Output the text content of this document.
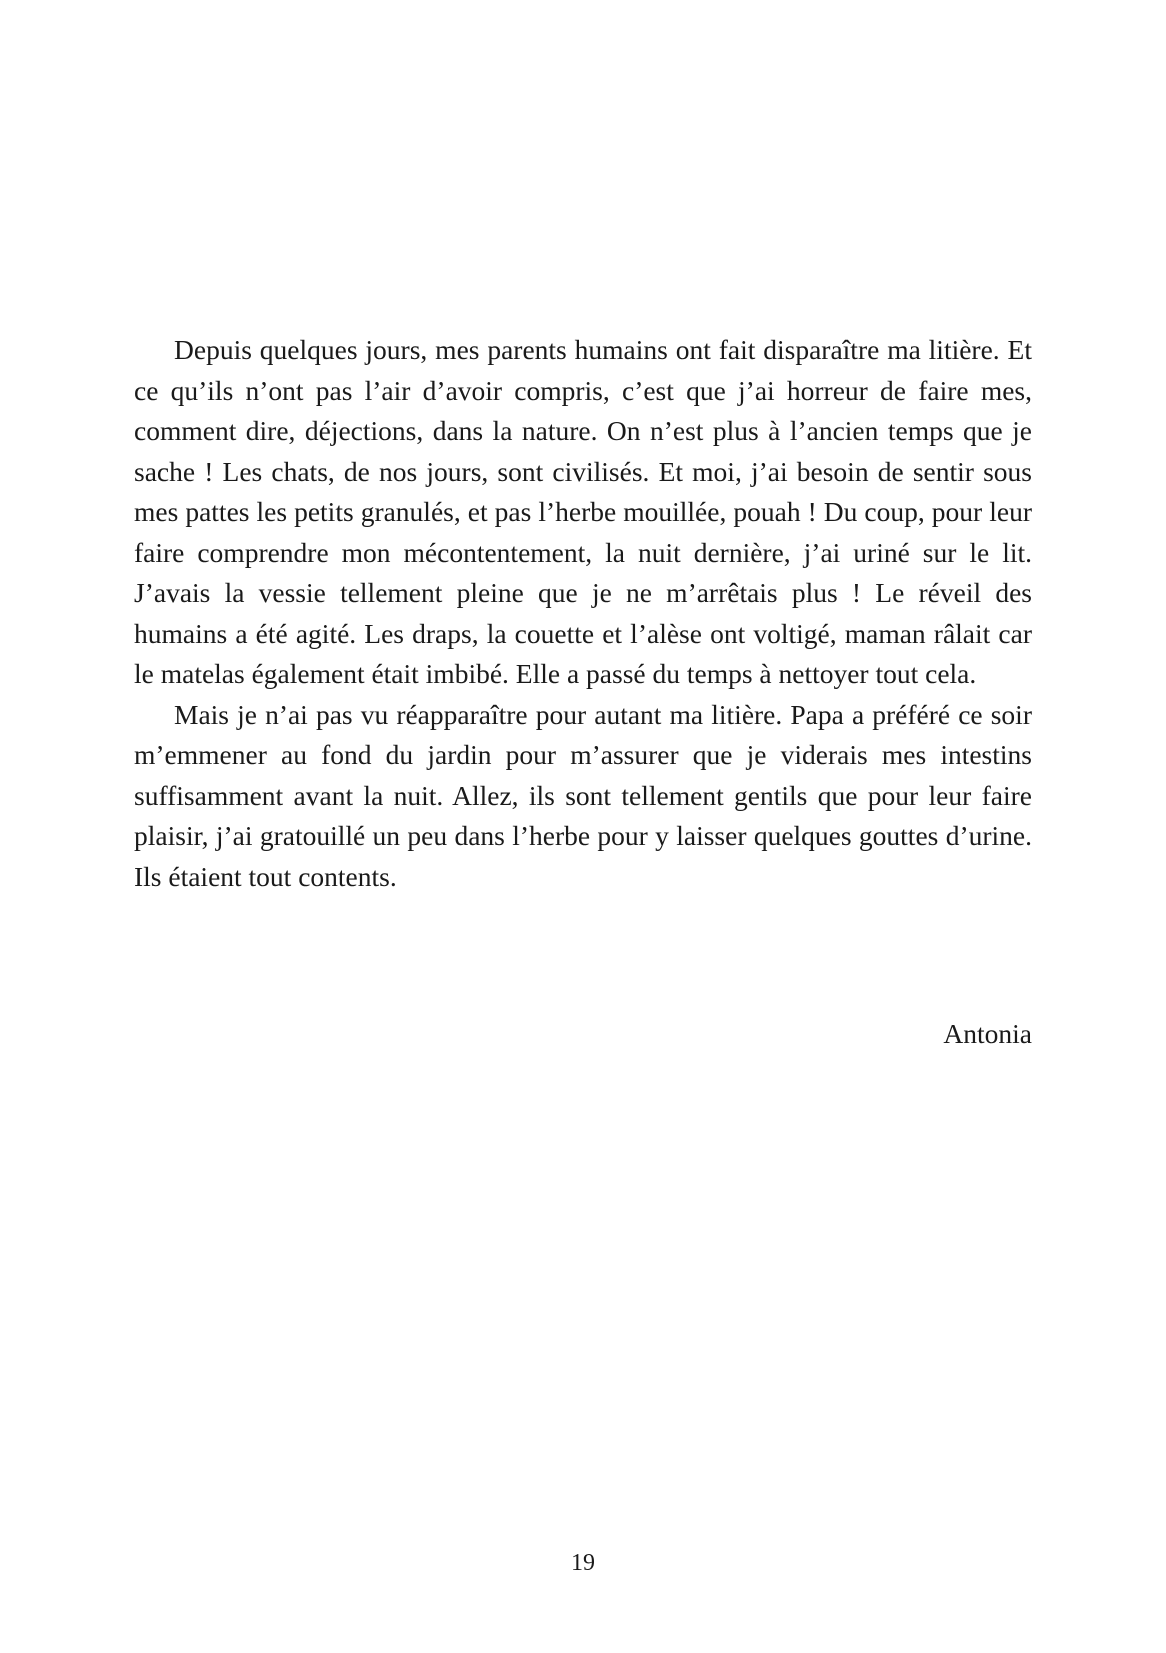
Depuis quelques jours, mes parents humains ont fait disparaître ma litière. Et ce qu’ils n’ont pas l’air d’avoir compris, c’est que j’ai horreur de faire mes, comment dire, déjections, dans la nature. On n’est plus à l’ancien temps que je sache ! Les chats, de nos jours, sont civilisés. Et moi, j’ai besoin de sentir sous mes pattes les petits granulés, et pas l’herbe mouillée, pouah ! Du coup, pour leur faire comprendre mon mécontentement, la nuit dernière, j’ai uriné sur le lit. J’avais la vessie tellement pleine que je ne m’arrêtais plus ! Le réveil des humains a été agité. Les draps, la couette et l’alèse ont voltigé, maman râlait car le matelas également était imbibé. Elle a passé du temps à nettoyer tout cela.

Mais je n’ai pas vu réapparaître pour autant ma litière. Papa a préféré ce soir m’emmener au fond du jardin pour m’assurer que je viderais mes intestins suffisamment avant la nuit. Allez, ils sont tellement gentils que pour leur faire plaisir, j’ai gratouillé un peu dans l’herbe pour y laisser quelques gouttes d’urine. Ils étaient tout contents.

Antonia
19
